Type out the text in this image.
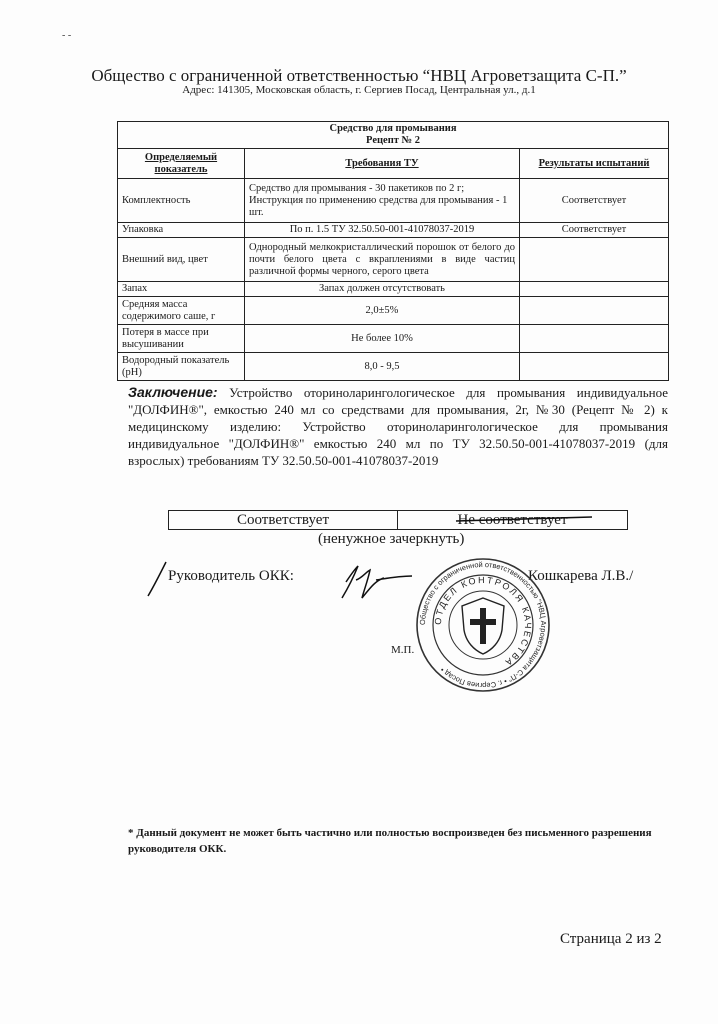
- -
Общество с ограниченной ответственностью “НВЦ Агроветзащита С-П.”
Адрес: 141305, Московская область, г. Сергиев Посад, Центральная ул., д.1
Средство для промывания
Рецепт № 2		

Определяемый показатель	Требования ТУ	Результаты испытаний
Комплектность	Средство для промывания - 30 пакетиков по 2 г; Инструкция по применению средства для промывания - 1 шт.	Соответствует
Упаковка	По п. 1.5 ТУ 32.50.50-001-41078037-2019	Соответствует
Внешний вид, цвет	Однородный мелкокристаллический порошок от белого до почти белого цвета с вкраплениями в виде частиц различной формы черного, серого цвета	
Запах	Запах должен отсутствовать	
Средняя масса содержимого саше, г	2,0±5%	
Потеря в массе при высушивании	Не более 10%	
Водородный показатель (pH)	8,0 - 9,5	
Заключение: Устройство оториноларингологическое для промывания индивидуальное "ДОЛФИН®", емкостью 240 мл со средствами для промывания, 2г, №30 (Рецепт № 2) к медицинскому изделию: Устройство оториноларингологическое для промывания индивидуальное "ДОЛФИН®" емкостью 240 мл по ТУ 32.50.50-001-41078037-2019 (для взрослых) требованиям ТУ 32.50.50-001-41078037-2019
Соответствует	Не соответствует
(ненужное зачеркнуть)
Руководитель ОКК:	Кошкарева Л.В./
М.П.
Общество с ограниченной ответственностью "НВЦ Агроветзащита С-П" • г. Сергиев Посад •
ОТДЕЛ КОНТРОЛЯ КАЧЕСТВА
* Данный документ не может быть частично или полностью воспроизведен без письменного разрешения руководителя ОКК.
Страница 2 из 2
